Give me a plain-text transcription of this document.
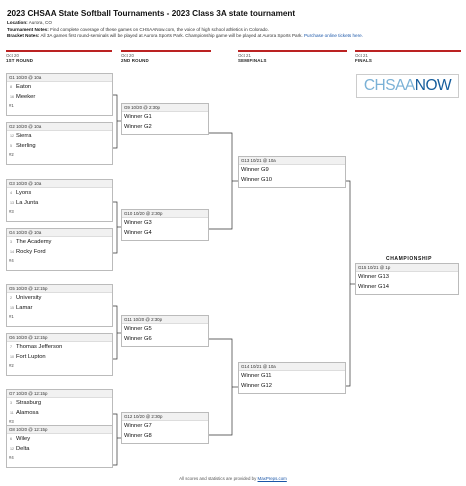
2023 CHSAA State Softball Tournaments - 2023 Class 3A state tournament
Location: Aurora, CO
Tournament Notes: Find complete coverage of these games on CHSAANow.com, the voice of high school athletics in Colorado.
Bracket Notes: All 3A games first round-seminals will be played at Aurora Sports Park. Championship game will be played at Aurora Sports Park. Purchase online tickets here.
Oct 20
1ST ROUND
Oct 20
2ND ROUND
Oct 21
SEMIFINALS
Oct 21
FINALS
CHSAANOW
G1 10/20 @ 10a
8 Eaton
16 Meeker
#1
G2 10/20 @ 10a
12 Sierra
5 Sterling
#2
G3 10/20 @ 10a
4 Lyons
13 La Junta
#3
G4 10/20 @ 10a
3 The Academy
14 Rocky Ford
#4
G5 10/20 @ 12:15p
2 University
15 Lamar
#1
G6 10/20 @ 12:15p
7 Thomas Jefferson
10 Fort Lupton
#2
G7 10/20 @ 12:15p
3 Strasburg
11 Alamosa
#3
G8 10/20 @ 12:15p
6 Wiley
12 Delta
#4
G9 10/20 @ 2:30p
Winner G1
Winner G2
G10 10/20 @ 2:30p
Winner G3
Winner G4
G11 10/20 @ 2:30p
Winner G5
Winner G6
G12 10/20 @ 2:30p
Winner G7
Winner G8
G13 10/21 @ 10a
Winner G9
Winner G10
G14 10/21 @ 10a
Winner G11
Winner G12
CHAMPIONSHIP
G15 10/21 @ 1p
Winner G13
Winner G14
All scores and statistics are provided by MaxPreps.com
